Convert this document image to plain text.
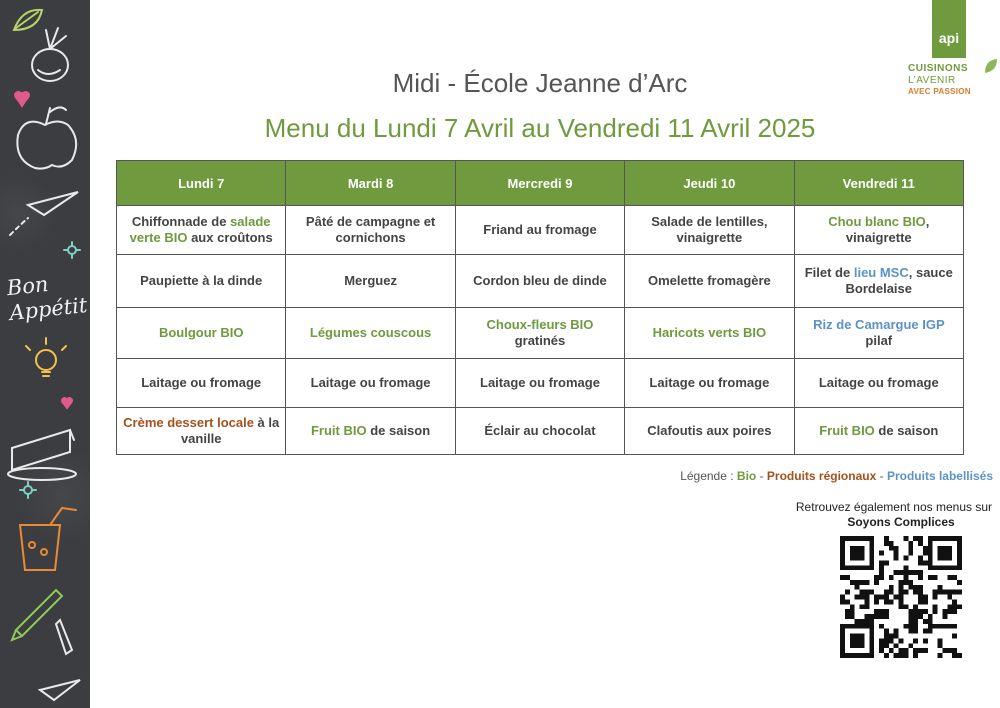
Bon
Appétit
api
CUISINONS
L’AVENIR
AVEC PASSION
Midi - École Jeanne d’Arc
Menu du Lundi 7 Avril au Vendredi 11 Avril 2025
Lundi 7	Mardi 8	Mercredi 9	Jeudi 10	Vendredi 11
Chiffonnade de salade verte BIO aux croûtons	Pâté de campagne et cornichons	Friand au fromage	Salade de lentilles, vinaigrette	Chou blanc BIO, vinaigrette
Paupiette à la dinde	Merguez	Cordon bleu de dinde	Omelette fromagère	Filet de lieu MSC, sauce Bordelaise
Boulgour BIO	Légumes couscous	Choux-fleurs BIO gratinés	Haricots verts BIO	Riz de Camargue IGP pilaf
Laitage ou fromage	Laitage ou fromage	Laitage ou fromage	Laitage ou fromage	Laitage ou fromage
Crème dessert locale à la vanille	Fruit BIO de saison	Éclair au chocolat	Clafoutis aux poires	Fruit BIO de saison
Légende : Bio - Produits régionaux - Produits labellisés
Retrouvez également nos menus sur
Soyons Complices
